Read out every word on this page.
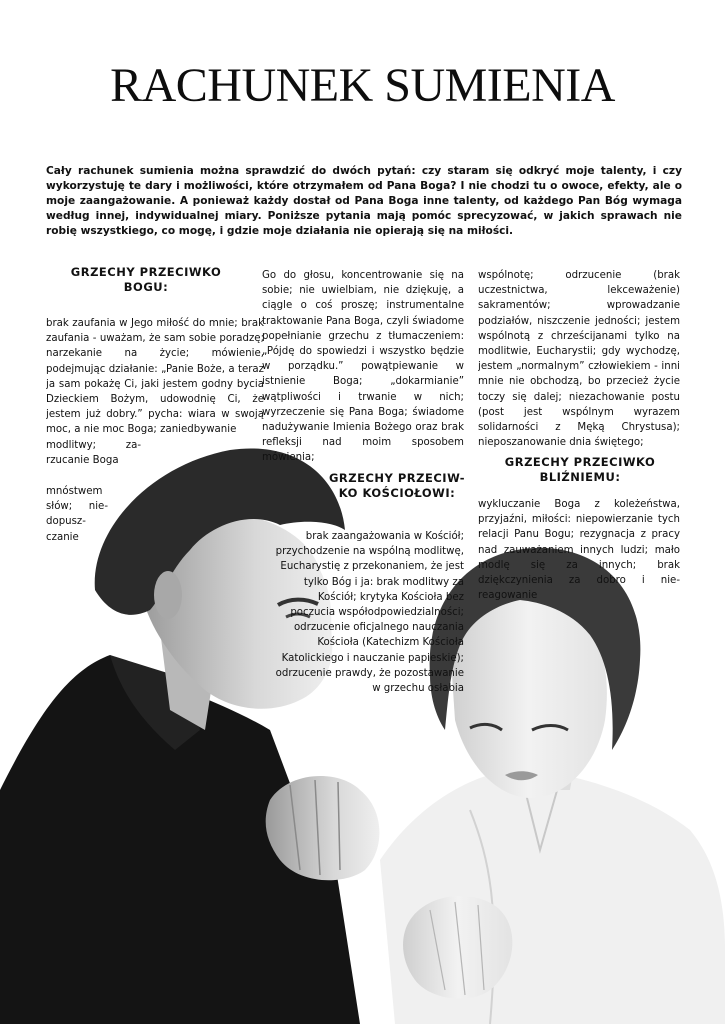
RACHUNEK SUMIENIA
Cały rachunek sumienia można sprawdzić do dwóch pytań: czy staram się odkryć moje talenty, i czy wykorzystuję te dary i możliwości, które otrzymałem od Pana Boga? I nie chodzi tu o owoce, efekty, ale o moje zaangażowanie. A ponieważ każdy dostał od Pana Boga inne talenty, od każdego Pan Bóg wymaga według innej, indywidualnej miary. Poniższe pytania mają pomóc sprecyzować, w jakich sprawach nie robię wszystkiego, co mogę, i gdzie moje działania nie opierają się na miłości.
GRZECHY PRZECIWKO BOGU:
brak zaufania w Jego miłość do mnie; brak zaufania - uważam, że sam sobie poradzę; narzekanie na życie; mówienie, podejmując działanie: „Panie Boże, a teraz ja sam pokażę Ci, jaki jestem godny bycia Dzieckiem Bożym, udowodnię Ci, że jestem już dobry.” pycha: wiara w swoją moc, a nie moc Boga; zaniedbywanie
modlitwy; za-rzucanie Boga
mnóstwem słów; nie-dopusz-czanie
Go do głosu, koncentrowanie się na sobie; nie uwielbiam, nie dziękuję, a ciągle o coś proszę; instrumentalne traktowanie Pana Boga, czyli świadome popełnianie grzechu z tłumaczeniem: „Pójdę do spowiedzi i wszystko będzie w porządku.” powątpiewanie w istnienie Boga; „dokarmianie” wątpliwości i trwanie w nich; wyrzeczenie się Pana Boga; świadome nadużywanie Imienia Bożego oraz brak refleksji nad moim sposobem mówienia;
GRZECHY PRZECIW-KO KOŚCIOŁOWI:
brak zaangażowania w Kościół; przychodzenie na wspólną modlitwę, Eucharystię z przekonaniem, że jest tylko Bóg i ja: brak modlitwy za Kościół; krytyka Kościoła bez poczucia współodpowiedzialności; odrzucenie oficjalnego nauczania Kościoła (Katechizm Kościoła Katolickiego i nauczanie papieskie); odrzucenie prawdy, że pozostawanie w grzechu osłabia
wspólnotę; odrzucenie (brak uczestnictwa, lekceważenie) sakramentów; wprowadzanie podziałów, niszczenie jedności; jestem wspólnotą z chrześcijanami tylko na modlitwie, Eucharystii; gdy wychodzę, jestem „normalnym” człowiekiem - inni mnie nie obchodzą, bo przecież życie toczy się dalej; niezachowanie postu (post jest wspólnym wyrazem solidarności z Męką Chrystusa); nieposzanowanie dnia świętego;
GRZECHY PRZECIWKO BLIŹNIEMU:
wykluczanie Boga z koleżeństwa, przyjaźni, miłości: niepowierzanie tych relacji Panu Bogu; rezygnacja z pracy nad zauważaniem innych ludzi; mało modlę się za innych; brak dziękczynienia za dobro i nie-reagowanie
